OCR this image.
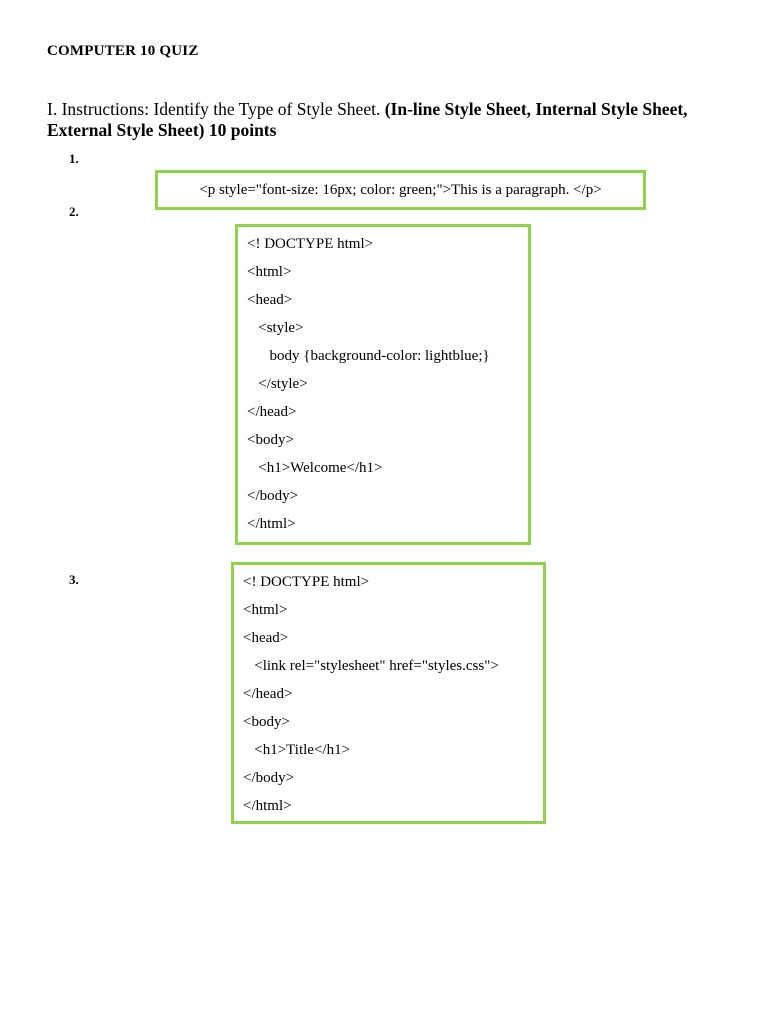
COMPUTER 10 QUIZ
I. Instructions: Identify the Type of Style Sheet. (In-line Style Sheet, Internal Style Sheet, External Style Sheet) 10 points
1.
<p style="font-size: 16px; color: green;">This is a paragraph. </p>
2.
<! DOCTYPE html>
<html>
<head>
<style>
body {background-color: lightblue;}
</style>
</head>
<body>
<h1>Welcome</h1>
</body>
</html>
3.	<! DOCTYPE html>
<html>
<head>
<link rel="stylesheet" href="styles.css">
</head>
<body>
<h1>Title</h1>
</body>
</html>
